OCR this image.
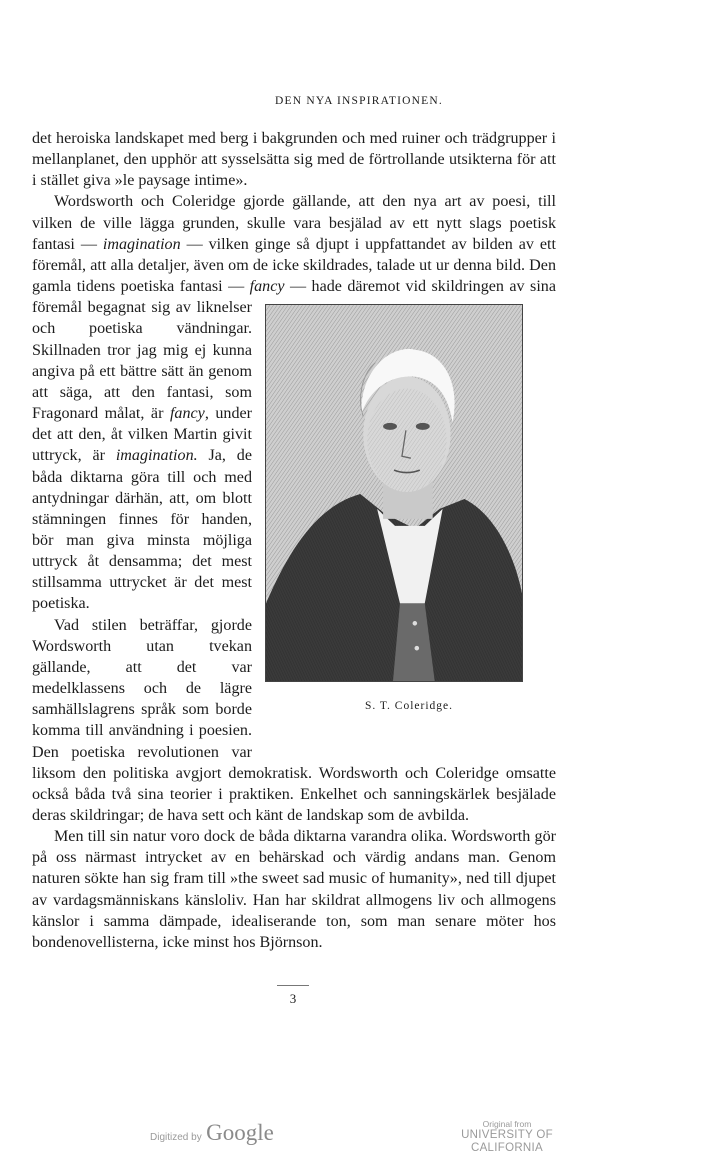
DEN NYA INSPIRATIONEN.

det heroiska landskapet med berg i bakgrunden och med ruiner och trädgrupper i mellanplanet, den upphör att sysselsätta sig med de förtrollande utsikterna för att i stället giva »le paysage intime».

Wordsworth och Coleridge gjorde gällande, att den nya art av poesi, till vilken de ville lägga grunden, skulle vara besjälad av ett nytt slags poetisk fantasi — imagination — vilken ginge så djupt i uppfattandet av bilden av ett föremål, att alla detaljer, även om de icke skildrades, talade ut ur denna bild. Den gamla tidens poetiska fantasi — fancy
S. T. Coleridge.
— hade däremot vid skildringen av sina föremål begagnat sig av liknelser och poetiska vändningar. Skillnaden tror jag mig ej kunna angiva på ett bättre sätt än genom att säga, att den fantasi, som Fragonard målat, är fancy, under det att den, åt vilken Martin givit uttryck, är imagination. Ja, de båda diktarna göra till och med antydningar därhän, att, om blott stämningen finnes för handen, bör man giva minsta möjliga uttryck åt densamma; det mest stillsamma uttrycket är det mest poetiska.

Vad stilen beträffar, gjorde Wordsworth utan tvekan gällande, att det var medelklassens och de lägre samhällslagrens språk som borde komma till användning i poesien. Den poetiska revolutionen var liksom den politiska avgjort demokratisk. Wordsworth och Coleridge omsatte också båda två sina teorier i praktiken. Enkelhet och sanningskärlek besjälade deras skildringar; de hava sett och känt de landskap som de avbilda.

Men till sin natur voro dock de båda diktarna varandra olika. Wordsworth gör på oss närmast intrycket av en behärskad och värdig andans man. Genom naturen sökte han sig fram till »the sweet sad music of humanity», ned till djupet av vardagsmänniskans känsloliv. Han har skildrat allmogens liv och allmogens känslor i samma dämpade, idealiserande ton, som man senare möter hos bondenovellisterna, icke minst hos Björnson.

3
Digitized by Google	Original from
UNIVERSITY OF CALIFORNIA
